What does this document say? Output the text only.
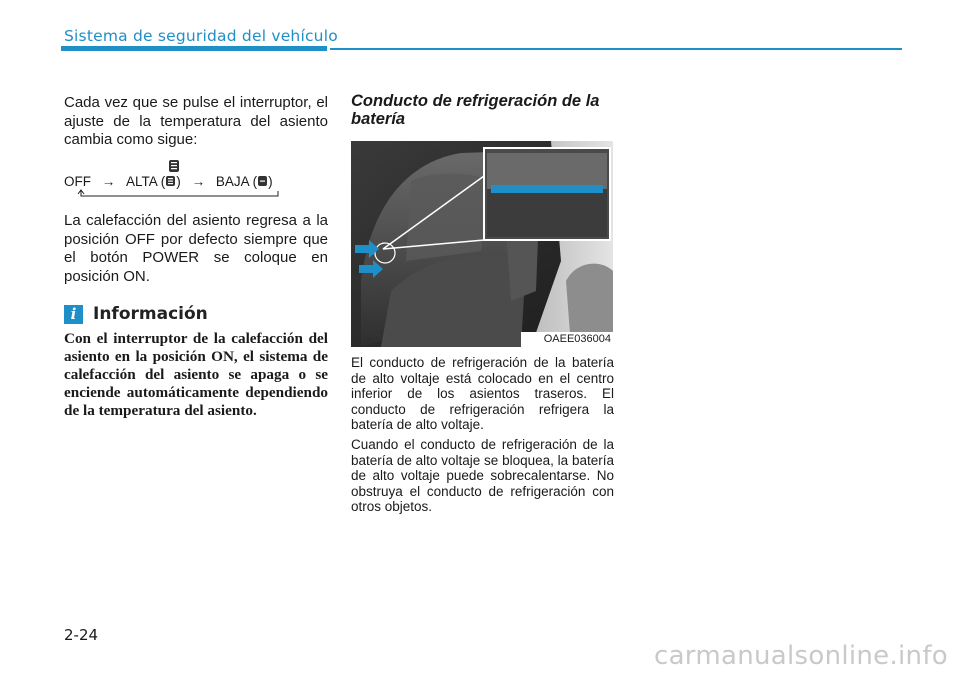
Sistema de seguridad del vehículo

Cada vez que se pulse el interruptor, el ajuste de la temperatura del asiento cambia como sigue:

OFF → ALTA ( ) → BAJA ( )

La calefacción del asiento regresa a la posición OFF por defecto siempre que el botón POWER se coloque en posición ON.

i Información

Con el interruptor de la calefacción del asiento en la posición ON, el sistema de calefacción del asiento se apaga o se enciende automáticamente dependiendo de la temperatura del asiento.

Conducto de refrigeración de la batería
OAEE036004

El conducto de refrigeración de la batería de alto voltaje está colocado en el centro inferior de los asientos traseros. El conducto de refrigeración refrigera la batería de alto voltaje.

Cuando el conducto de refrigeración de la batería de alto voltaje se bloquea, la batería de alto voltaje puede sobrecalentarse. No obstruya el conducto de refrigeración con otros objetos.

2-24
carmanualsonline.info
